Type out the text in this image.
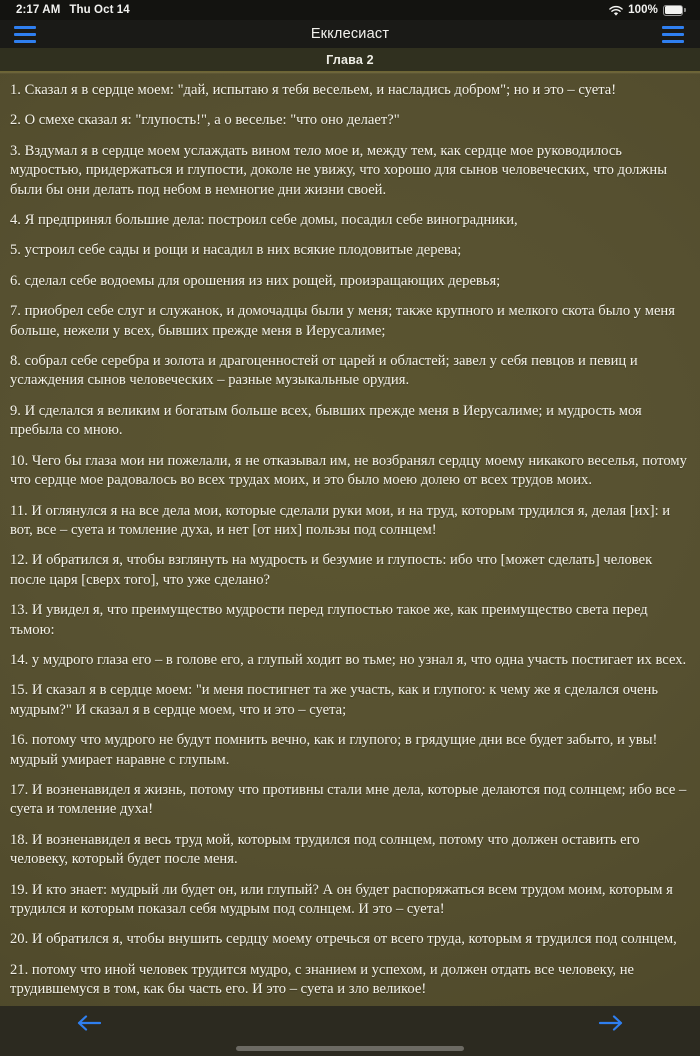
2:17 AM Thu Oct 14	100%
Екклесиаст
Глава 2

1. Сказал я в сердце моем: "дай, испытаю я тебя весельем, и насладись добром"; но и это – суета!

2. О смехе сказал я: "глупость!", а о веселье: "что оно делает?"

3. Вздумал я в сердце моем услаждать вином тело мое и, между тем, как сердце мое руководилось мудростью, придержаться и глупости, доколе не увижу, что хорошо для сынов человеческих, что должны были бы они делать под небом в немногие дни жизни своей.

4. Я предпринял большие дела: построил себе домы, посадил себе виноградники,

5. устроил себе сады и рощи и насадил в них всякие плодовитые дерева;

6. сделал себе водоемы для орошения из них рощей, произращающих деревья;

7. приобрел себе слуг и служанок, и домочадцы были у меня; также крупного и мелкого скота было у меня больше, нежели у всех, бывших прежде меня в Иерусалиме;

8. собрал себе серебра и золота и драгоценностей от царей и областей; завел у себя певцов и певиц и услаждения сынов человеческих – разные музыкальные орудия.

9. И сделался я великим и богатым больше всех, бывших прежде меня в Иерусалиме; и мудрость моя пребыла со мною.

10. Чего бы глаза мои ни пожелали, я не отказывал им, не возбранял сердцу моему никакого веселья, потому что сердце мое радовалось во всех трудах моих, и это было моею долею от всех трудов моих.

11. И оглянулся я на все дела мои, которые сделали руки мои, и на труд, которым трудился я, делая [их]: и вот, все – суета и томление духа, и нет [от них] пользы под солнцем!

12. И обратился я, чтобы взглянуть на мудрость и безумие и глупость: ибо что [может сделать] человек после царя [сверх того], что уже сделано?

13. И увидел я, что преимущество мудрости перед глупостью такое же, как преимущество света перед тьмою:

14. у мудрого глаза его – в голове его, а глупый ходит во тьме; но узнал я, что одна участь постигает их всех.

15. И сказал я в сердце моем: "и меня постигнет та же участь, как и глупого: к чему же я сделался очень мудрым?" И сказал я в сердце моем, что и это – суета;

16. потому что мудрого не будут помнить вечно, как и глупого; в грядущие дни все будет забыто, и увы! мудрый умирает наравне с глупым.

17. И возненавидел я жизнь, потому что противны стали мне дела, которые делаются под солнцем; ибо все – суета и томление духа!

18. И возненавидел я весь труд мой, которым трудился под солнцем, потому что должен оставить его человеку, который будет после меня.

19. И кто знает: мудрый ли будет он, или глупый? А он будет распоряжаться всем трудом моим, которым я трудился и которым показал себя мудрым под солнцем. И это – суета!

20. И обратился я, чтобы внушить сердцу моему отречься от всего труда, которым я трудился под солнцем,

21. потому что иной человек трудится мудро, с знанием и успехом, и должен отдать все человеку, не трудившемуся в том, как бы часть его. И это – суета и зло великое!
